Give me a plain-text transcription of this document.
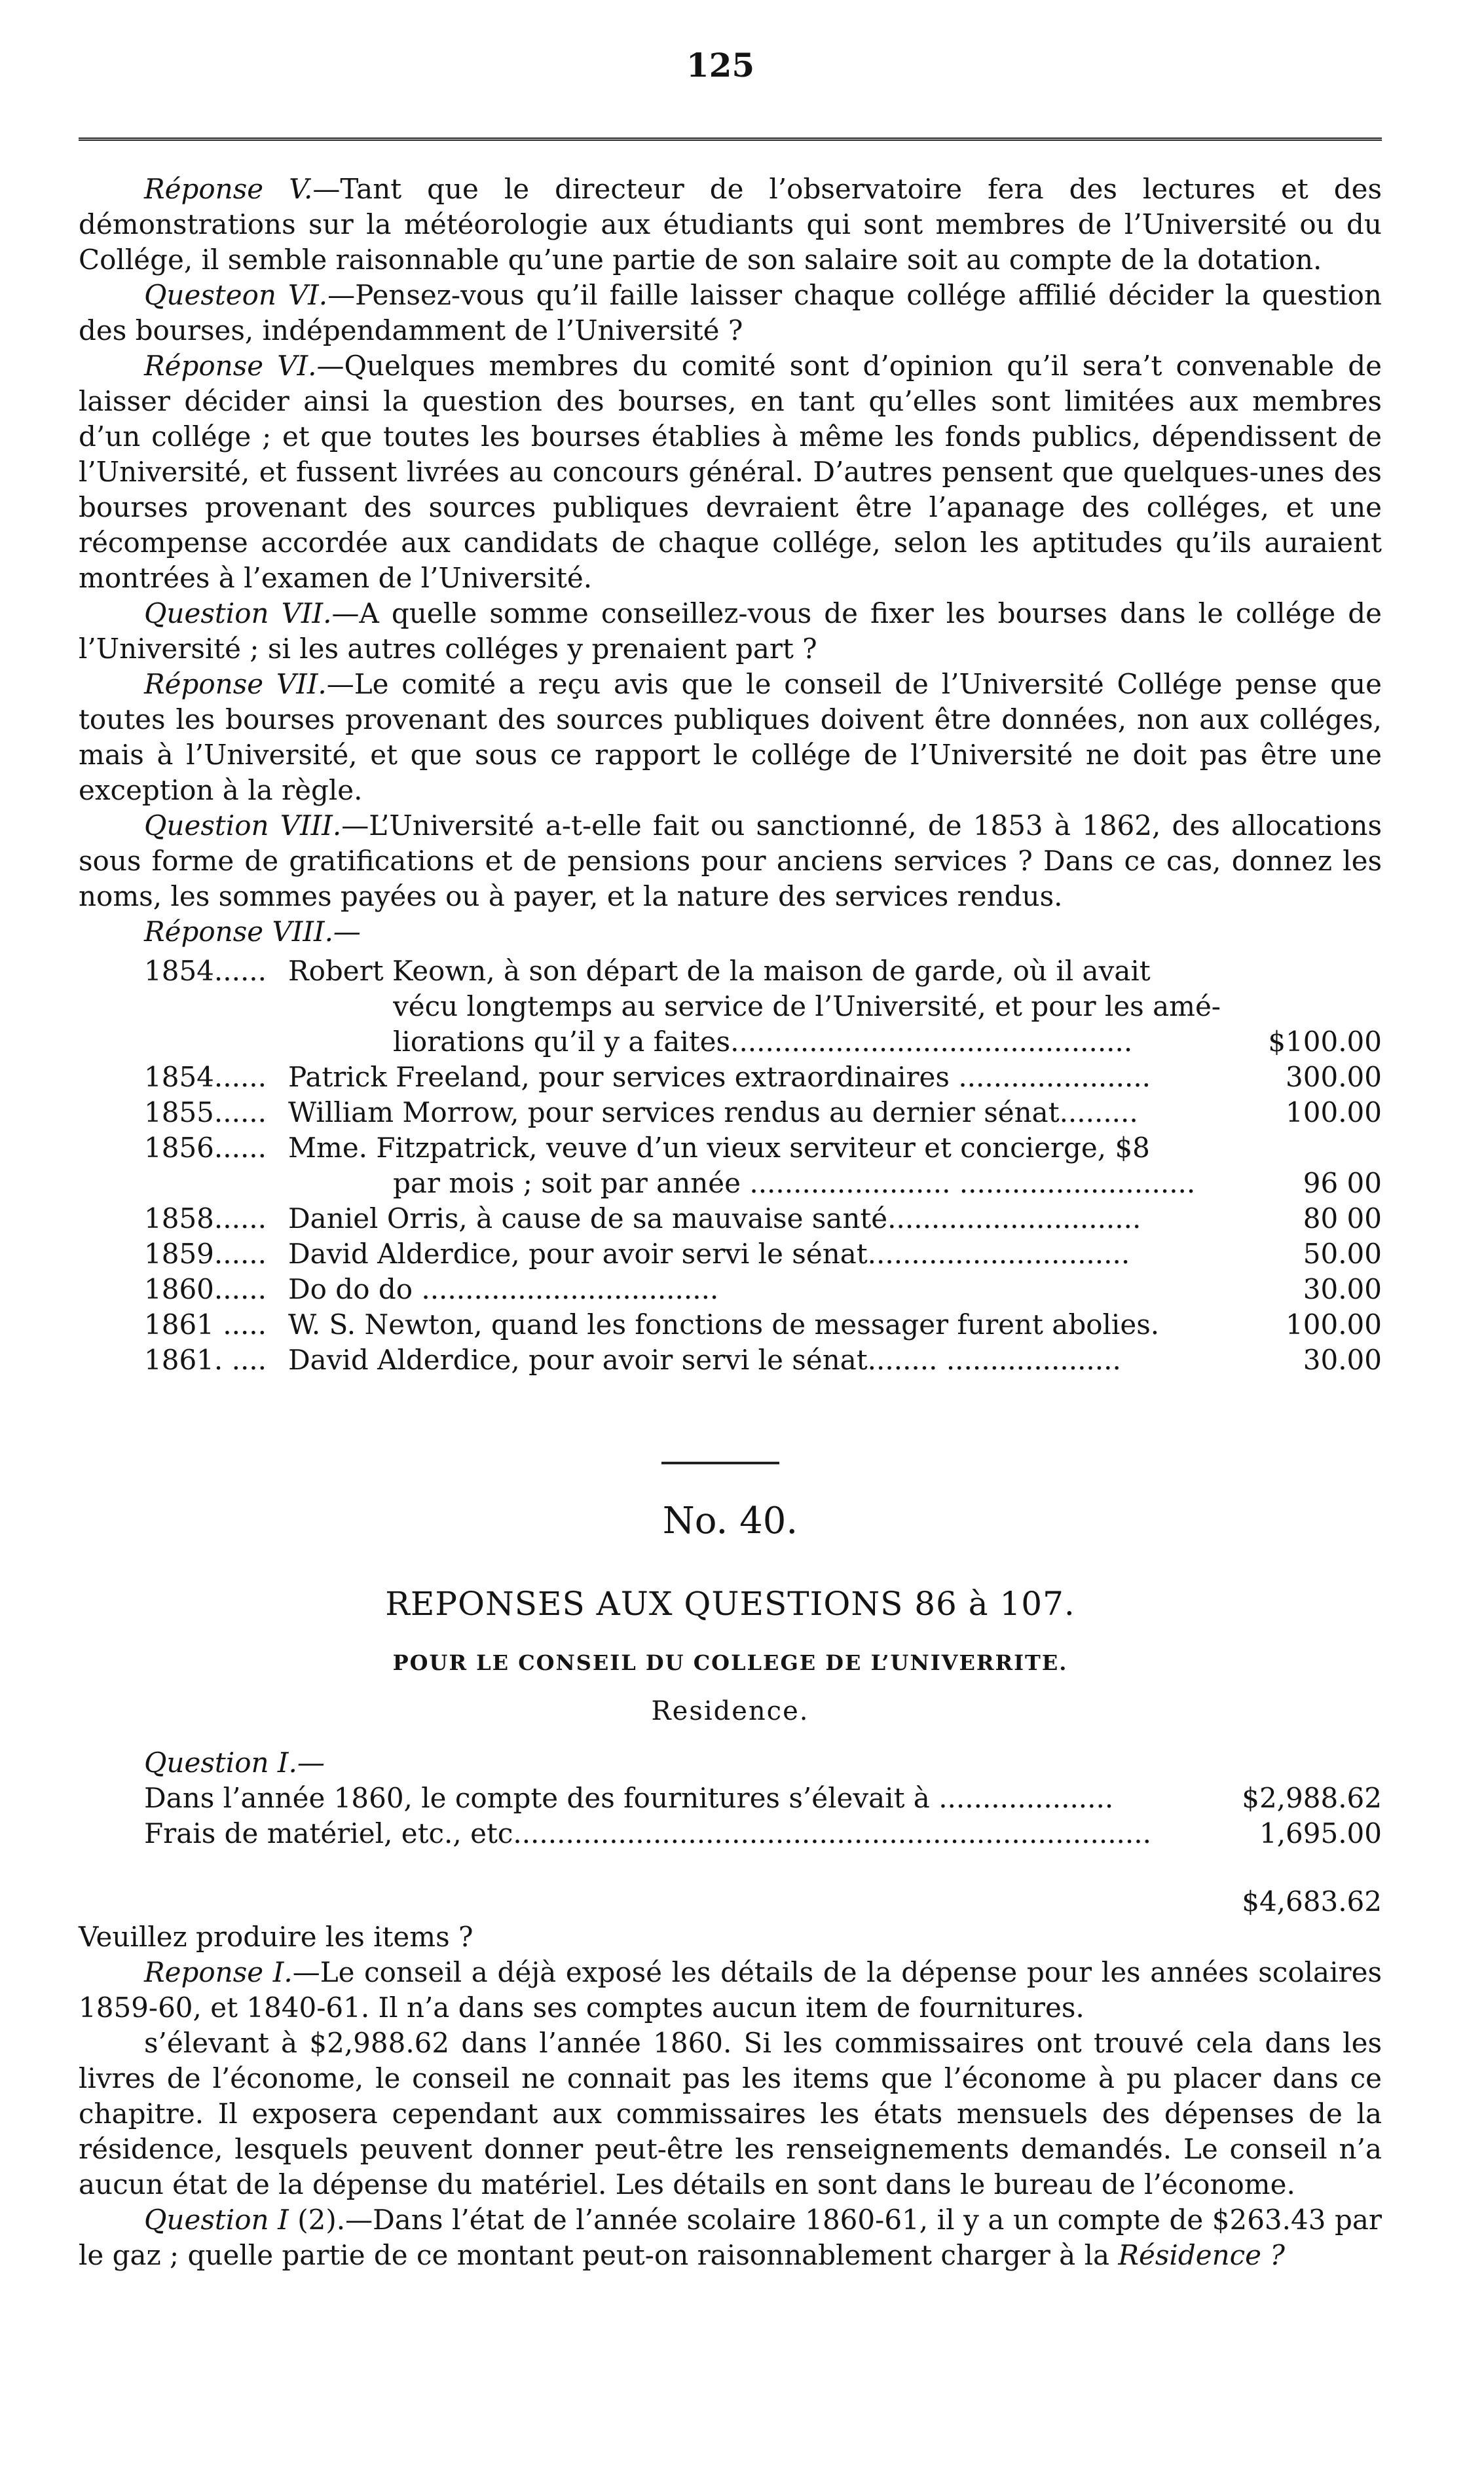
125

Réponse V.—Tant que le directeur de l’observatoire fera des lectures et des démonstrations sur la météorologie aux étudiants qui sont membres de l’Université ou du Collége, il semble raisonnable qu’une partie de son salaire soit au compte de la dotation.

Questeon VI.—Pensez-vous qu’il faille laisser chaque collége affilié décider la question des bourses, indépendamment de l’Université ?

Réponse VI.—Quelques membres du comité sont d’opinion qu’il sera’t convenable de laisser décider ainsi la question des bourses, en tant qu’elles sont limitées aux membres d’un collége ; et que toutes les bourses établies à même les fonds publics, dépendissent de l’Université, et fussent livrées au concours général. D’autres pensent que quelques-unes des bourses provenant des sources publiques devraient être l’apanage des colléges, et une récompense accordée aux candidats de chaque collége, selon les aptitudes qu’ils auraient montrées à l’examen de l’Université.

Question VII.—A quelle somme conseillez-vous de fixer les bourses dans le collége de l’Université ; si les autres colléges y prenaient part ?

Réponse VII.—Le comité a reçu avis que le conseil de l’Université Collége pense que toutes les bourses provenant des sources publiques doivent être données, non aux colléges, mais à l’Université, et que sous ce rapport le collége de l’Université ne doit pas être une exception à la règle.

Question VIII.—L’Université a-t-elle fait ou sanctionné, de 1853 à 1862, des allocations sous forme de gratifications et de pensions pour anciens services ? Dans ce cas, donnez les noms, les sommes payées ou à payer, et la nature des services rendus.

Réponse VIII.—
1854...... Robert Keown, à son départ de la maison de garde, où il avait
vécu longtemps au service de l’Université, et pour les amé-
liorations qu’il y a faites..............................................	$100.00
1854...... Patrick Freeland, pour services extraordinaires ......................	300.00
1855...... William Morrow, pour services rendus au dernier sénat.........	100.00
1856...... Mme. Fitzpatrick, veuve d’un vieux serviteur et concierge, $8
par mois ; soit par année ....................... ...........................	96 00
1858...... Daniel Orris, à cause de sa mauvaise santé.............................	80 00
1859...... David Alderdice, pour avoir servi le sénat..............................	50.00
1860...... Do do do ..................................	30.00
1861 ..... W. S. Newton, quand les fonctions de messager furent abolies.	100.00
1861. .... David Alderdice, pour avoir servi le sénat........ ....................	30.00
No. 40.
REPONSES AUX QUESTIONS 86 à 107.
POUR LE CONSEIL DU COLLEGE DE L’UNIVERRITE.
Residence.
Question I.—
Dans l’année 1860, le compte des fournitures s’élevait à ....................	$2,988.62
Frais de matériel, etc., etc.........................................................................	1,695.00
$4,683.62

Veuillez produire les items ?

Reponse I.—Le conseil a déjà exposé les détails de la dépense pour les années scolaires 1859-60, et 1840-61. Il n’a dans ses comptes aucun item de fournitures.

s’élevant à $2,988.62 dans l’année 1860. Si les commissaires ont trouvé cela dans les livres de l’économe, le conseil ne connait pas les items que l’économe à pu placer dans ce chapitre. Il exposera cependant aux commissaires les états mensuels des dépenses de la résidence, lesquels peuvent donner peut-être les renseignements demandés. Le conseil n’a aucun état de la dépense du matériel. Les détails en sont dans le bureau de l’économe.

Question I (2).—Dans l’état de l’année scolaire 1860-61, il y a un compte de $263.43 par le gaz ; quelle partie de ce montant peut-on raisonnablement charger à la Résidence ?
